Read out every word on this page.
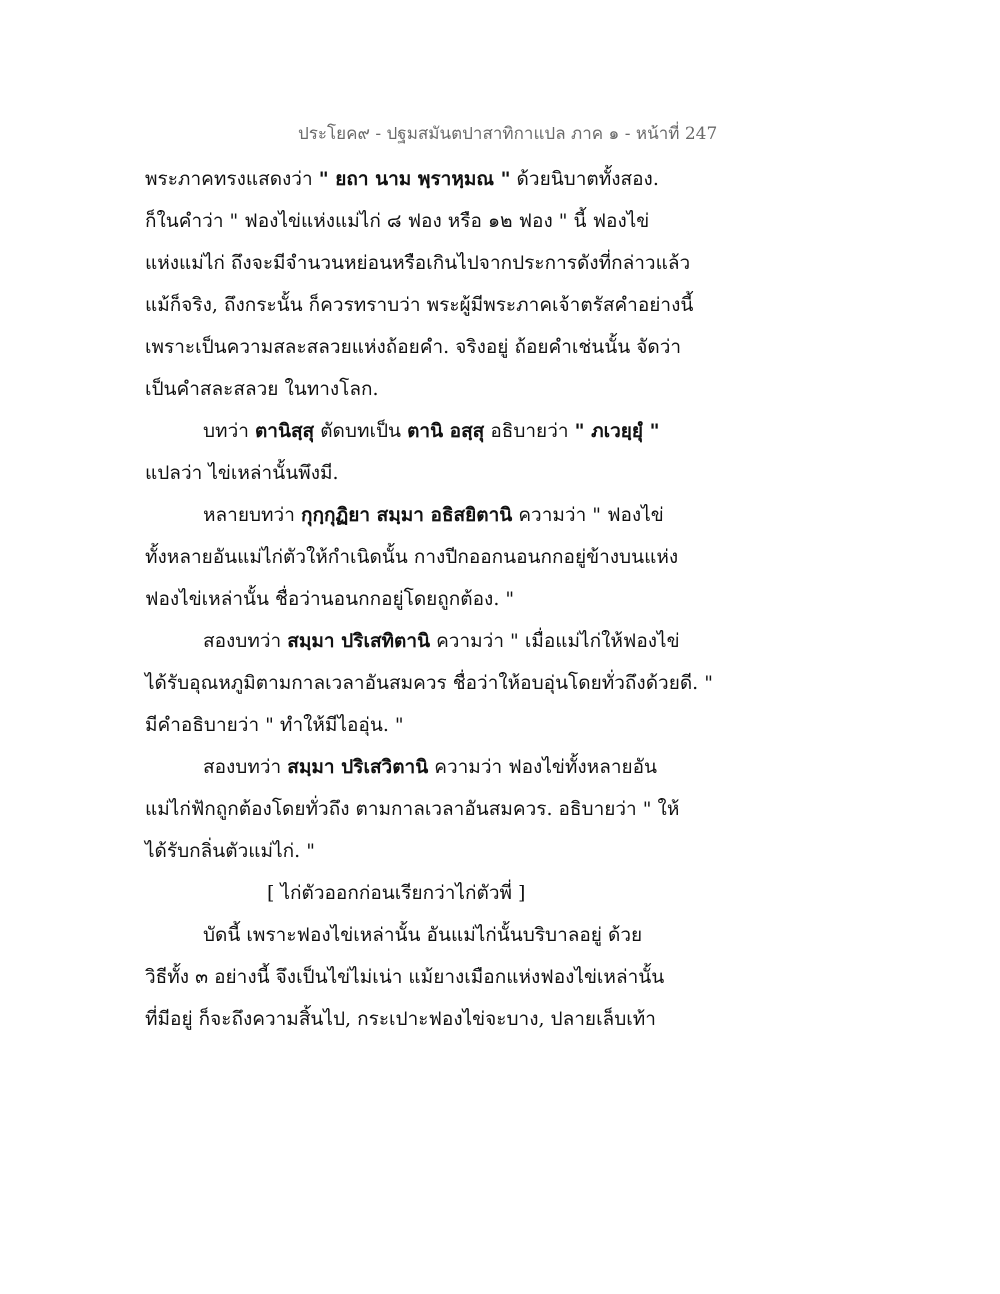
ประโยค๙ - ปฐมสมันตปาสาทิกาแปล ภาค ๑ - หน้าที่ 247
พระภาคทรงแสดงว่า " ยถา นาม พฺราหฺมณ " ด้วยนิบาตทั้งสอง.
ก็ในคำว่า " ฟองไข่แห่งแม่ไก่ ๘ ฟอง หรือ ๑๒ ฟอง " นี้ ฟองไข่
แห่งแม่ไก่ ถึงจะมีจำนวนหย่อนหรือเกินไปจากประการดังที่กล่าวแล้ว
แม้ก็จริง, ถึงกระนั้น ก็ควรทราบว่า พระผู้มีพระภาคเจ้าตรัสคำอย่างนี้
เพราะเป็นความสละสลวยแห่งถ้อยคำ. จริงอยู่ ถ้อยคำเช่นนั้น จัดว่า
เป็นคำสละสลวย ในทางโลก.
บทว่า ตานิสฺสุ ตัดบทเป็น ตานิ อสฺสุ อธิบายว่า " ภเวยฺยุํ "
แปลว่า ไข่เหล่านั้นพึงมี.
หลายบทว่า กุกฺกุฏิยา สมฺมา อธิสยิตานิ ความว่า " ฟองไข่
ทั้งหลายอันแม่ไก่ตัวให้กำเนิดนั้น กางปีกออกนอนกกอยู่ข้างบนแห่ง
ฟองไข่เหล่านั้น ชื่อว่านอนกกอยู่โดยถูกต้อง. "
สองบทว่า สมฺมา ปริเสทิตานิ ความว่า " เมื่อแม่ไก่ให้ฟองไข่
ได้รับอุณหภูมิตามกาลเวลาอันสมควร ชื่อว่าให้อบอุ่นโดยทั่วถึงด้วยดี. "
มีคำอธิบายว่า " ทำให้มีไออุ่น. "
สองบทว่า สมฺมา ปริเสวิตานิ ความว่า ฟองไข่ทั้งหลายอัน
แม่ไก่ฟักถูกต้องโดยทั่วถึง ตามกาลเวลาอันสมควร. อธิบายว่า " ให้
ได้รับกลิ่นตัวแม่ไก่. "
[ ไก่ตัวออกก่อนเรียกว่าไก่ตัวพี่ ]
บัดนี้ เพราะฟองไข่เหล่านั้น อันแม่ไก่นั้นบริบาลอยู่ ด้วย
วิธีทั้ง ๓ อย่างนี้ จึงเป็นไข่ไม่เน่า แม้ยางเมือกแห่งฟองไข่เหล่านั้น
ที่มีอยู่ ก็จะถึงความสิ้นไป, กระเปาะฟองไข่จะบาง, ปลายเล็บเท้า
